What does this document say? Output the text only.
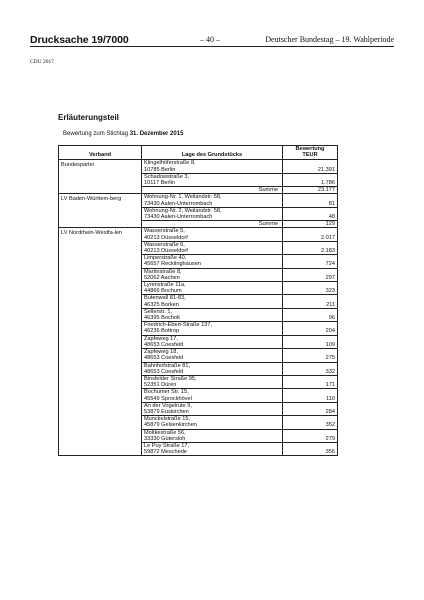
Drucksache 19/7000	– 40 –	Deutscher Bundestag – 19. Wahlperiode
CDU 2017
Erläuterungsteil
Bewertung zum Stichtag 31. Dezember 2015
Verband	Lage des Grundstücks	Bewertung
TEUR

Bundespartei	Klingelhöferstraße 8,
10785 Berlin	21.391

	Schadowstraße 3,
10117 Berlin	1.786
	Summe	23.177
LV Baden-Württem-berg	Wohnung-Nr. 1, Weilandstr. 58,
73430 Aalen-Unterrombach	81

	Wohnung-Nr. 2, Weilandstr. 58,
73430 Aalen-Unterrombach	48
	Summe	129
LV Nordrhein-Westfa-len	Wasserstraße 5,
40213 Düsseldorf	2.017

	Wasserstraße 6,
40213 Düsseldorf	2.183

	Limperstraße 40,
45657 Recklinghausen	724

	Martinstraße 8,
52062 Aachen	297

	Lyrenstraße 11a,
44866 Bochum	323

	Butenwall 81-83,
46325 Borken	211

	Sellerstr. 1,
46395 Bocholt	96

	Friedrich-Ebert-Straße 137,
46236 Bottrop	204

	Zapfeweg 17,
48653 Coesfeld	109

	Zapfeweg 18,
48653 Coesfeld	275

	Bahnhofstraße 81,
48653 Coesfeld	332

	Binsfelder Straße 95,
52351 Düren	171

	Bochumer Str. 15,
45549 Sprockhövel	110

	An der Vogelrute 9,
53879 Euskirchen	284

	Munckelstraße 15,
45879 Gelsenkirchen	352

	Moltkestraße 56,
33330 Gütersloh	279

	Le Puy Straße 17,
59872 Meschede	356
